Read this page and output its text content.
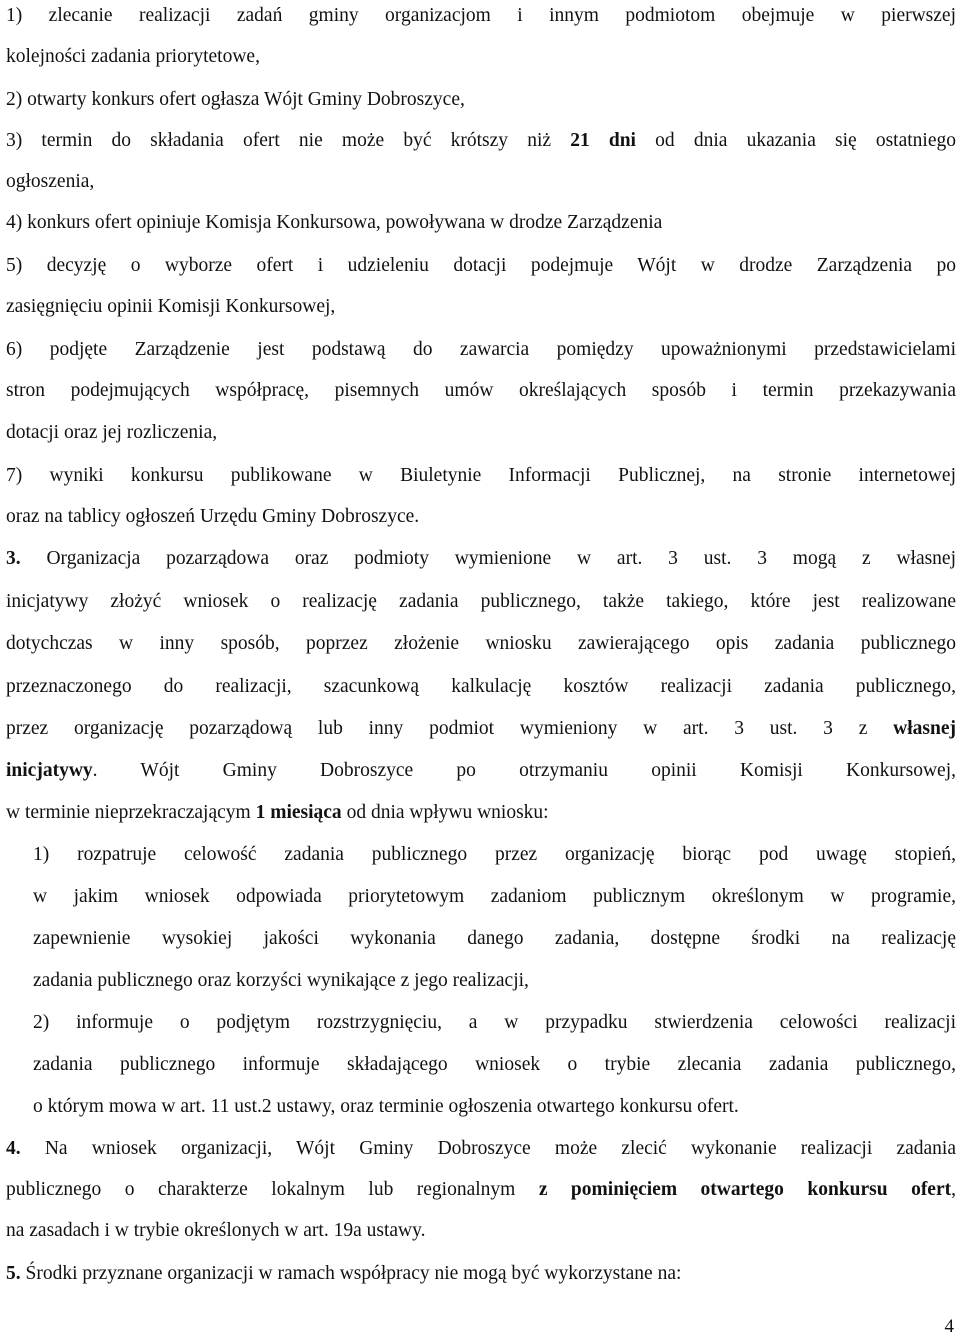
1) zlecanie realizacji zadań gminy organizacjom i innym podmiotom obejmuje w pierwszej

kolejności zadania priorytetowe,

2) otwarty konkurs ofert ogłasza Wójt Gminy Dobroszyce,

3) termin do składania ofert nie może być krótszy niż 21 dni od dnia ukazania się ostatniego

ogłoszenia,

4) konkurs ofert opiniuje Komisja Konkursowa, powoływana w drodze Zarządzenia

5) decyzję o wyborze ofert i udzieleniu dotacji podejmuje Wójt w drodze Zarządzenia po

zasięgnięciu opinii Komisji Konkursowej,

6) podjęte Zarządzenie jest podstawą do zawarcia pomiędzy upoważnionymi przedstawicielami

stron podejmujących współpracę, pisemnych umów określających sposób i termin przekazywania

dotacji oraz jej rozliczenia,

7) wyniki konkursu publikowane w Biuletynie Informacji Publicznej, na stronie internetowej

oraz na tablicy ogłoszeń Urzędu Gminy Dobroszyce.

3. Organizacja pozarządowa oraz podmioty wymienione w art. 3 ust. 3 mogą z własnej

inicjatywy złożyć wniosek o realizację zadania publicznego, także takiego, które jest realizowane

dotychczas w inny sposób, poprzez złożenie wniosku zawierającego opis zadania publicznego

przeznaczonego do realizacji, szacunkową kalkulację kosztów realizacji zadania publicznego,

przez organizację pozarządową lub inny podmiot wymieniony w art. 3 ust. 3 z własnej

inicjatywy. Wójt Gminy Dobroszyce po otrzymaniu opinii Komisji Konkursowej,

w terminie nieprzekraczającym 1 miesiąca od dnia wpływu wniosku:

1) rozpatruje celowość zadania publicznego przez organizację biorąc pod uwagę stopień,

w jakim wniosek odpowiada priorytetowym zadaniom publicznym określonym w programie,

zapewnienie wysokiej jakości wykonania danego zadania, dostępne środki na realizację

zadania publicznego oraz korzyści wynikające z jego realizacji,

2) informuje o podjętym rozstrzygnięciu, a w przypadku stwierdzenia celowości realizacji

zadania publicznego informuje składającego wniosek o trybie zlecania zadania publicznego,

o którym mowa w art. 11 ust.2 ustawy, oraz terminie ogłoszenia otwartego konkursu ofert.

4. Na wniosek organizacji, Wójt Gminy Dobroszyce może zlecić wykonanie realizacji zadania

publicznego o charakterze lokalnym lub regionalnym z pominięciem otwartego konkursu ofert,

na zasadach i w trybie określonych w art. 19a ustawy.

5. Środki przyznane organizacji w ramach współpracy nie mogą być wykorzystane na:

4
